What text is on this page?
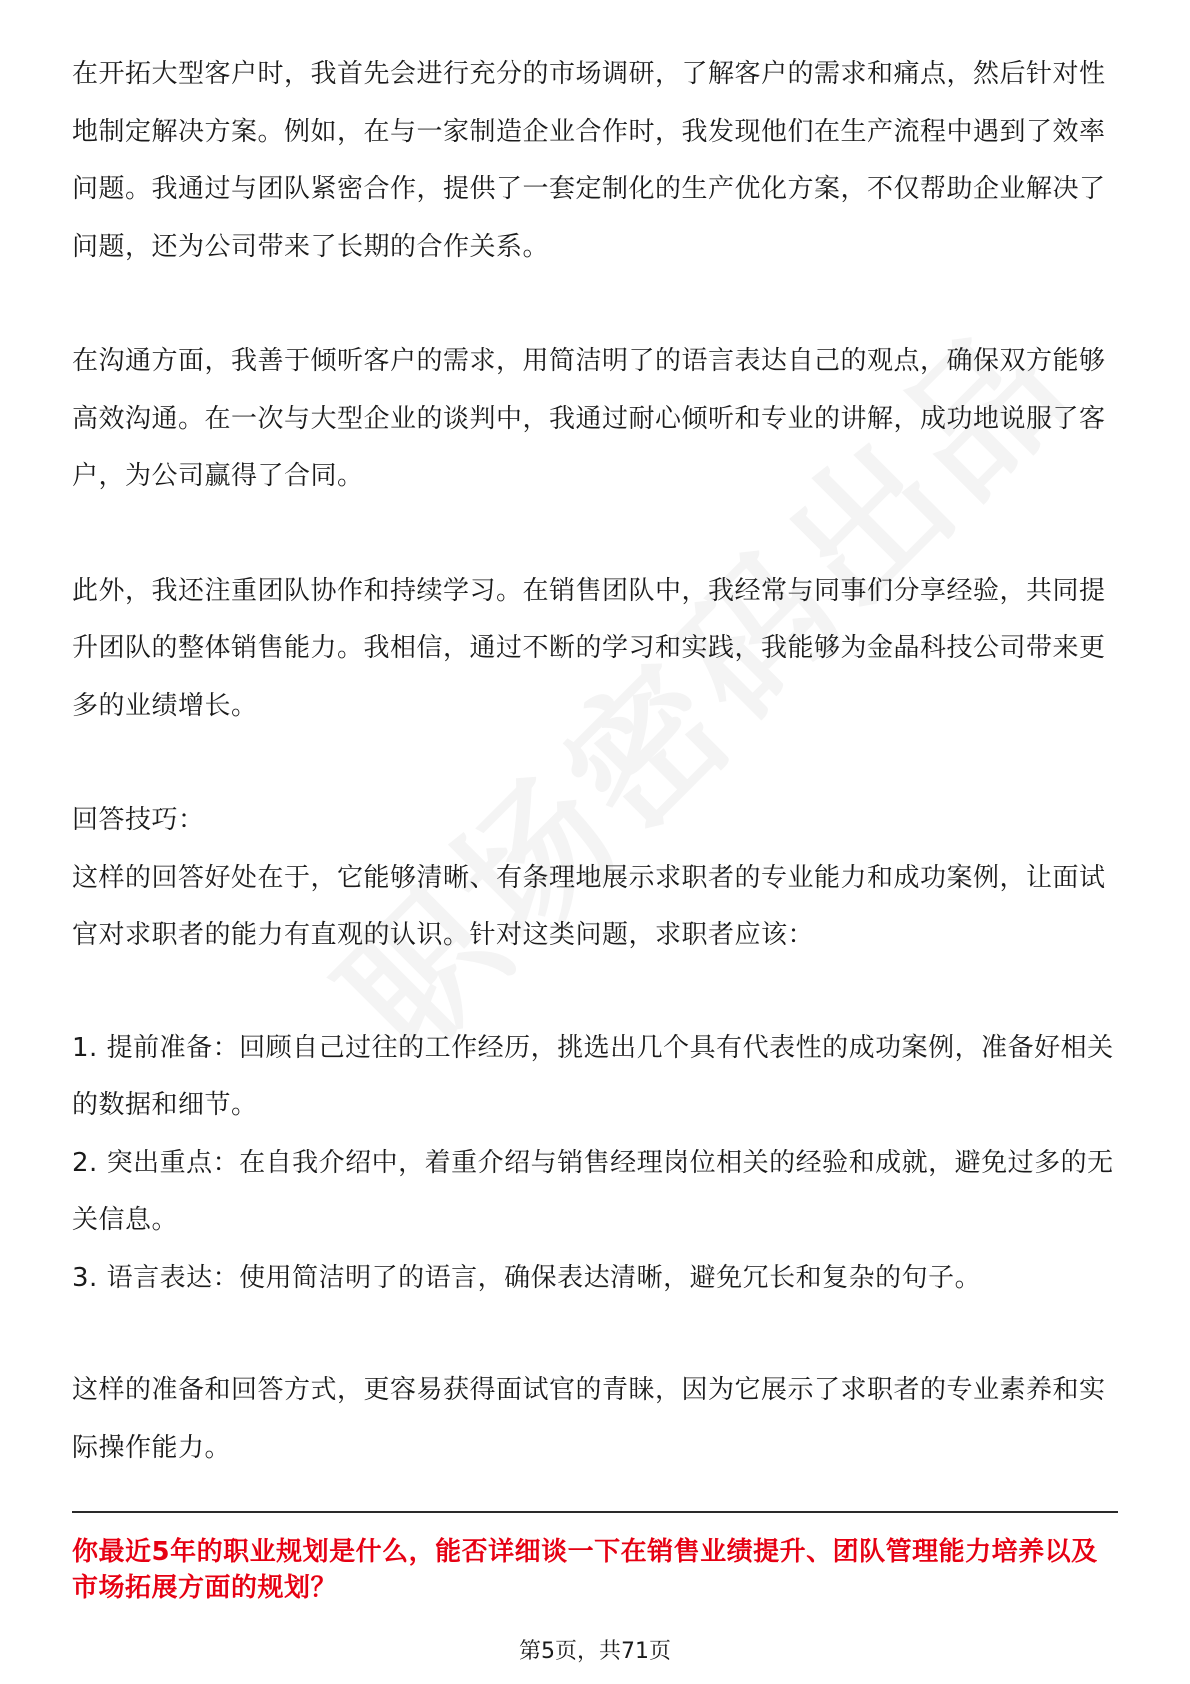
在开拓大型客户时，我首先会进行充分的市场调研，了解客户的需求和痛点，然后针对性地制定解决方案。例如，在与一家制造企业合作时，我发现他们在生产流程中遇到了效率问题。我通过与团队紧密合作，提供了一套定制化的生产优化方案，不仅帮助企业解决了问题，还为公司带来了长期的合作关系。

在沟通方面，我善于倾听客户的需求，用简洁明了的语言表达自己的观点，确保双方能够高效沟通。在一次与大型企业的谈判中，我通过耐心倾听和专业的讲解，成功地说服了客户，为公司赢得了合同。

此外，我还注重团队协作和持续学习。在销售团队中，我经常与同事们分享经验，共同提升团队的整体销售能力。我相信，通过不断的学习和实践，我能够为金晶科技公司带来更多的业绩增长。

回答技巧：

这样的回答好处在于，它能够清晰、有条理地展示求职者的专业能力和成功案例，让面试官对求职者的能力有直观的认识。针对这类问题，求职者应该：

1. 提前准备：回顾自己过往的工作经历，挑选出几个具有代表性的成功案例，准备好相关的数据和细节。

2. 突出重点：在自我介绍中，着重介绍与销售经理岗位相关的经验和成就，避免过多的无关信息。

3. 语言表达：使用简洁明了的语言，确保表达清晰，避免冗长和复杂的句子。

这样的准备和回答方式，更容易获得面试官的青睐，因为它展示了求职者的专业素养和实际操作能力。

你最近5年的职业规划是什么，能否详细谈一下在销售业绩提升、团队管理能力培养以及市场拓展方面的规划？

第5页，共71页
